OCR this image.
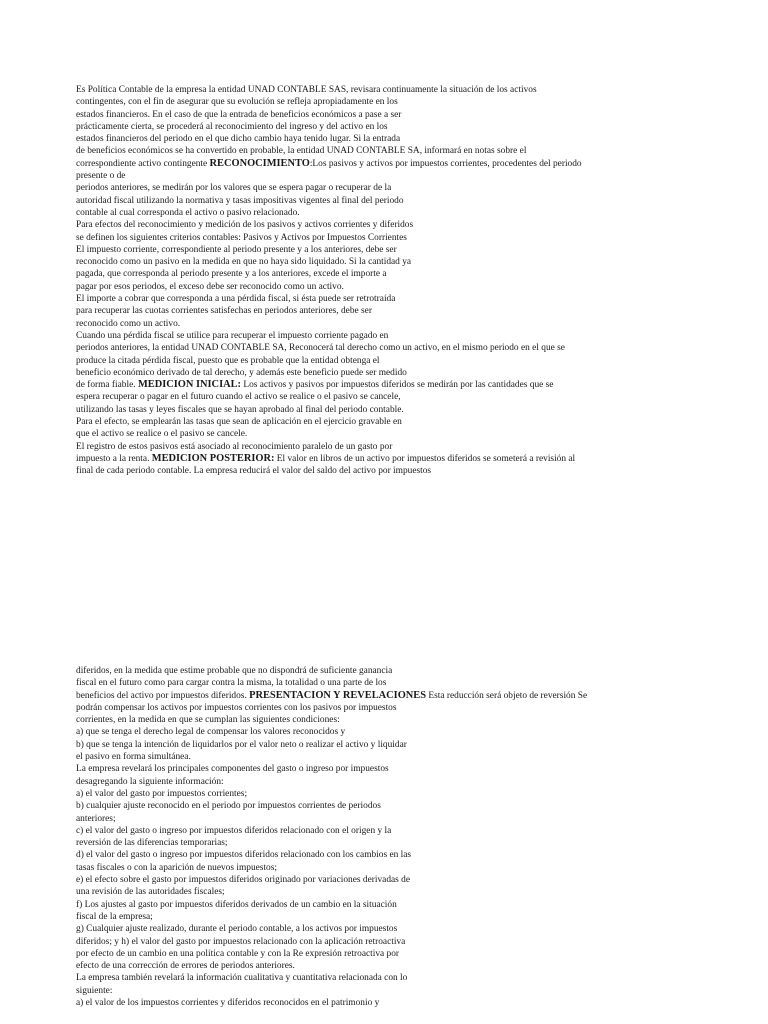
Es Política Contable de la empresa la entidad UNAD CONTABLE SAS, revisara continuamente la situación de los activos
contingentes, con el fin de asegurar que su evolución se refleja apropiadamente en los
estados financieros. En el caso de que la entrada de beneficios económicos a pase a ser
prácticamente cierta, se procederá al reconocimiento del ingreso y del activo en los
estados financieros del periodo en el que dicho cambio haya tenido lugar. Si la entrada
de beneficios económicos se ha convertido en probable, la entidad UNAD CONTABLE SA, informará en notas sobre el
correspondiente activo contingente RECONOCIMIENTO:Los pasivos y activos por impuestos corrientes, procedentes del periodo
presente o de
periodos anteriores, se medirán por los valores que se espera pagar o recuperar de la
autoridad fiscal utilizando la normativa y tasas impositivas vigentes al final del periodo
contable al cual corresponda el activo o pasivo relacionado.
Para efectos del reconocimiento y medición de los pasivos y activos corrientes y diferidos
se definen los siguientes criterios contables: Pasivos y Activos por Impuestos Corrientes
El impuesto corriente, correspondiente al periodo presente y a los anteriores, debe ser
reconocido como un pasivo en la medida en que no haya sido liquidado. Si la cantidad ya
pagada, que corresponda al periodo presente y a los anteriores, excede el importe a
pagar por esos periodos, el exceso debe ser reconocido como un activo.
El importe a cobrar que corresponda a una pérdida fiscal, si ésta puede ser retrotraída
para recuperar las cuotas corrientes satisfechas en periodos anteriores, debe ser
reconocido como un activo.
Cuando una pérdida fiscal se utilice para recuperar el impuesto corriente pagado en
periodos anteriores, la entidad UNAD CONTABLE SA, Reconocerá tal derecho como un activo, en el mismo periodo en el que se
produce la citada pérdida fiscal, puesto que es probable que la entidad obtenga el
beneficio económico derivado de tal derecho, y además este beneficio puede ser medido
de forma fiable. MEDICION INICIAL: Los activos y pasivos por impuestos diferidos se medirán por las cantidades que se
espera recuperar o pagar en el futuro cuando el activo se realice o el pasivo se cancele,
utilizando las tasas y leyes fiscales que se hayan aprobado al final del periodo contable.
Para el efecto, se emplearán las tasas que sean de aplicación en el ejercicio gravable en
que el activo se realice o el pasivo se cancele.
El registro de estos pasivos está asociado al reconocimiento paralelo de un gasto por
impuesto a la renta. MEDICION POSTERIOR: El valor en libros de un activo por impuestos diferidos se someterá a revisión al
final de cada periodo contable. La empresa reducirá el valor del saldo del activo por impuestos
diferidos, en la medida que estime probable que no dispondrá de suficiente ganancia
fiscal en el futuro como para cargar contra la misma, la totalidad o una parte de los
beneficios del activo por impuestos diferidos. PRESENTACION Y REVELACIONES Esta reducción será objeto de reversión Se
podrán compensar los activos por impuestos corrientes con los pasivos por impuestos
corrientes, en la medida en que se cumplan las siguientes condiciones:
a) que se tenga el derecho legal de compensar los valores reconocidos y
b) que se tenga la intención de liquidarlos por el valor neto o realizar el activo y liquidar
el pasivo en forma simultánea.
La empresa revelará los principales componentes del gasto o ingreso por impuestos
desagregando la siguiente información:
a) el valor del gasto por impuestos corrientes;
b) cualquier ajuste reconocido en el periodo por impuestos corrientes de periodos
anteriores;
c) el valor del gasto o ingreso por impuestos diferidos relacionado con el origen y la
reversión de las diferencias temporarias;
d) el valor del gasto o ingreso por impuestos diferidos relacionado con los cambios en las
tasas fiscales o con la aparición de nuevos impuestos;
e) el efecto sobre el gasto por impuestos diferidos originado por variaciones derivadas de
una revisión de las autoridades fiscales;
f) Los ajustes al gasto por impuestos diferidos derivados de un cambio en la situación
fiscal de la empresa;
g) Cualquier ajuste realizado, durante el periodo contable, a los activos por impuestos
diferidos; y h) el valor del gasto por impuestos relacionado con la aplicación retroactiva
por efecto de un cambio en una política contable y con la Re expresión retroactiva por
efecto de una corrección de errores de periodos anteriores.
La empresa también revelará la información cualitativa y cuantitativa relacionada con lo
siguiente:
a) el valor de los impuestos corrientes y diferidos reconocidos en el patrimonio y
